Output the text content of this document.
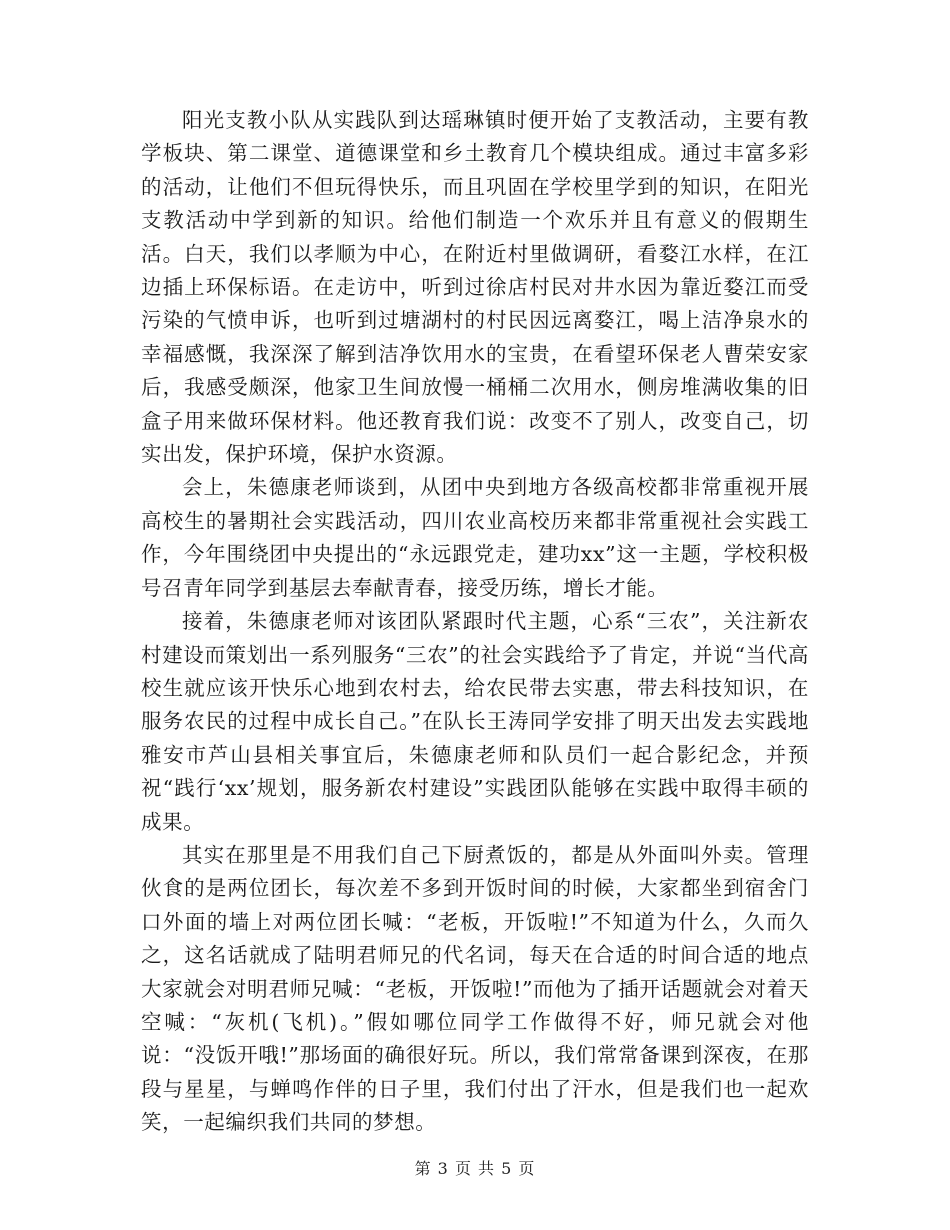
阳光支教小队从实践队到达瑶琳镇时便开始了支教活动，主要有教学板块、第二课堂、道德课堂和乡土教育几个模块组成。通过丰富多彩的活动，让他们不但玩得快乐，而且巩固在学校里学到的知识，在阳光支教活动中学到新的知识。给他们制造一个欢乐并且有意义的假期生活。白天，我们以孝顺为中心，在附近村里做调研，看婺江水样，在江边插上环保标语。在走访中，听到过徐店村民对井水因为靠近婺江而受污染的气愤申诉，也听到过塘湖村的村民因远离婺江，喝上洁净泉水的幸福感慨，我深深了解到洁净饮用水的宝贵，在看望环保老人曹荣安家后，我感受颇深，他家卫生间放慢一桶桶二次用水，侧房堆满收集的旧盒子用来做环保材料。他还教育我们说：改变不了别人，改变自己，切实出发，保护环境，保护水资源。

会上，朱德康老师谈到，从团中央到地方各级高校都非常重视开展高校生的暑期社会实践活动，四川农业高校历来都非常重视社会实践工作，今年围绕团中央提出的“永远跟党走，建功xx”这一主题，学校积极号召青年同学到基层去奉献青春，接受历练，增长才能。

接着，朱德康老师对该团队紧跟时代主题，心系“三农”，关注新农村建设而策划出一系列服务“三农”的社会实践给予了肯定，并说“当代高校生就应该开快乐心地到农村去，给农民带去实惠，带去科技知识，在服务农民的过程中成长自己。”在队长王涛同学安排了明天出发去实践地雅安市芦山县相关事宜后，朱德康老师和队员们一起合影纪念，并预祝“践行‘xx’规划，服务新农村建设”实践团队能够在实践中取得丰硕的成果。

其实在那里是不用我们自己下厨煮饭的，都是从外面叫外卖。管理伙食的是两位团长，每次差不多到开饭时间的时候，大家都坐到宿舍门口外面的墙上对两位团长喊：“老板，开饭啦!”不知道为什么，久而久之，这名话就成了陆明君师兄的代名词，每天在合适的时间合适的地点大家就会对明君师兄喊：“老板，开饭啦!”而他为了插开话题就会对着天空喊：“灰机(飞机)。”假如哪位同学工作做得不好，师兄就会对他说：“没饭开哦!”那场面的确很好玩。所以，我们常常备课到深夜，在那段与星星，与蝉鸣作伴的日子里，我们付出了汗水，但是我们也一起欢笑，一起编织我们共同的梦想。

第 3 页 共 5 页
